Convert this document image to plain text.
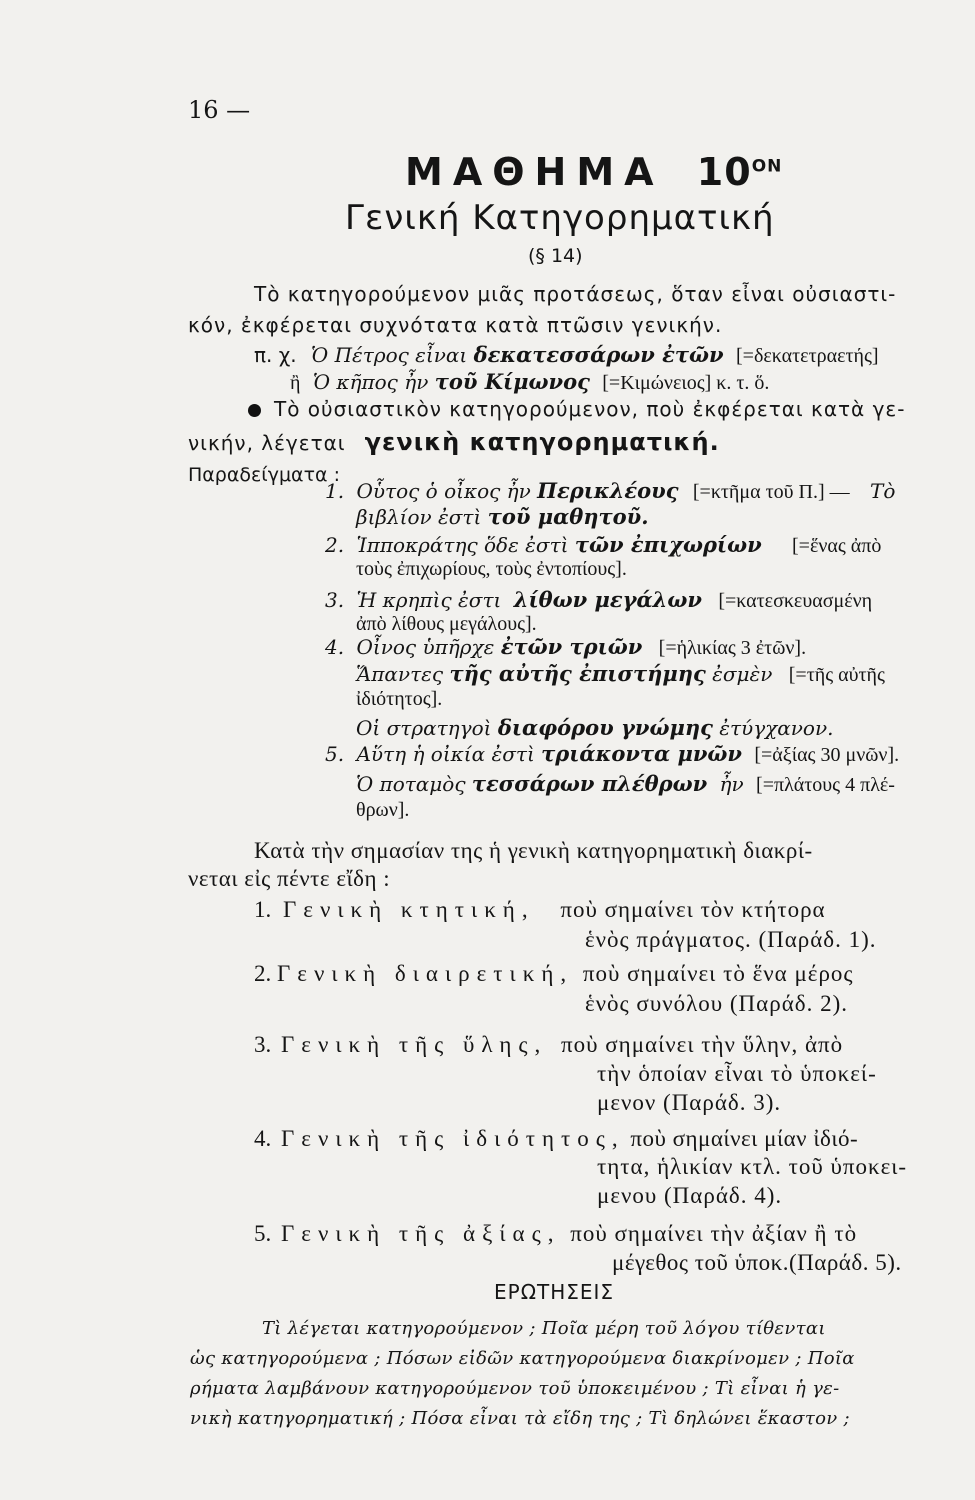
16 —
ΜΑΘΗΜΑ $10^{ON}$
Γενική Κατηγορηματική
(§ 14)
Τὸ κατηγορούμενον μιᾶς προτάσεως, ὅταν εἶναι οὐσιαστι-
κόν, ἐκφέρεται συχνότατα κατὰ πτῶσιν γενικήν.
π. χ. Ὁ Πέτρος εἶναι δεκατεσσάρων ἐτῶν [=δεκατετραετής]
ἢ Ὁ κῆπος ἦν τοῦ Κίμωνος [=Κιμώνειος] κ. τ. ὅ.
Τὸ οὐσιαστικὸν κατηγορούμενον, ποὺ ἐκφέρεται κατὰ γε-
νικήν, λέγεται γενικὴ κατηγορηματική.
Παραδείγματα :
1. Οὗτος ὁ οἶκος ἦν Περικλέους [=κτῆμα τοῦ Π.] — Τὸ
βιβλίον ἐστὶ τοῦ μαθητοῦ.
2. Ἱπποκράτης ὅδε ἐστὶ τῶν ἐπιχωρίων [=ἕνας ἀπὸ
τοὺς ἐπιχωρίους, τοὺς ἐντοπίους].
3. Ἡ κρηπὶς ἐστι λίθων μεγάλων [=κατεσκευασμένη
ἀπὸ λίθους μεγάλους].
4. Οἶνος ὑπῆρχε ἐτῶν τριῶν [=ἡλικίας 3 ἐτῶν].
Ἅπαντες τῆς αὐτῆς ἐπιστήμης ἐσμὲν [=τῆς αὐτῆς
ἰδιότητος].
Οἱ στρατηγοὶ διαφόρου γνώμης ἐτύγχανον.
5. Αὕτη ἡ οἰκία ἐστὶ τριάκοντα μνῶν [=ἀξίας 30 μνῶν].
Ὁ ποταμὸς τεσσάρων πλέθρων ἦν [=πλάτους 4 πλέ-
θρων].
Κατὰ τὴν σημασίαν της ἡ γενικὴ κατηγορηματικὴ διακρί-
νεται εἰς πέντε εἴδη :
1. Γενικὴ κτητική, ποὺ σημαίνει τὸν κτήτορα
ἑνὸς πράγματος. (Παράδ. 1).
2. Γενικὴ διαιρετική, ποὺ σημαίνει τὸ ἕνα μέρος
ἑνὸς συνόλου (Παράδ. 2).
3. Γενικὴ τῆς ὕλης, ποὺ σημαίνει τὴν ὕλην, ἀπὸ
τὴν ὁποίαν εἶναι τὸ ὑποκεί-
μενον (Παράδ. 3).
4. Γενικὴ τῆς ἰδιότητος, ποὺ σημαίνει μίαν ἰδιό-
τητα, ἡλικίαν κτλ. τοῦ ὑποκει-
μενου (Παράδ. 4).
5. Γενικὴ τῆς ἀξίας, ποὺ σημαίνει τὴν ἀξίαν ἢ τὸ
μέγεθος τοῦ ὑποκ.(Παράδ. 5).
ΕΡΩΤΗΣΕΙΣ
Τὶ λέγεται κατηγορούμενον ; Ποῖα μέρη τοῦ λόγου τίθενται
ὡς κατηγορούμενα ; Πόσων εἰδῶν κατηγορούμενα διακρίνομεν ; Ποῖα
ρήματα λαμβάνουν κατηγορούμενον τοῦ ὑποκειμένου ; Τὶ εἶναι ἡ γε-
νικὴ κατηγορηματική ; Πόσα εἶναι τὰ εἴδη της ; Τὶ δηλώνει ἕκαστον ;
